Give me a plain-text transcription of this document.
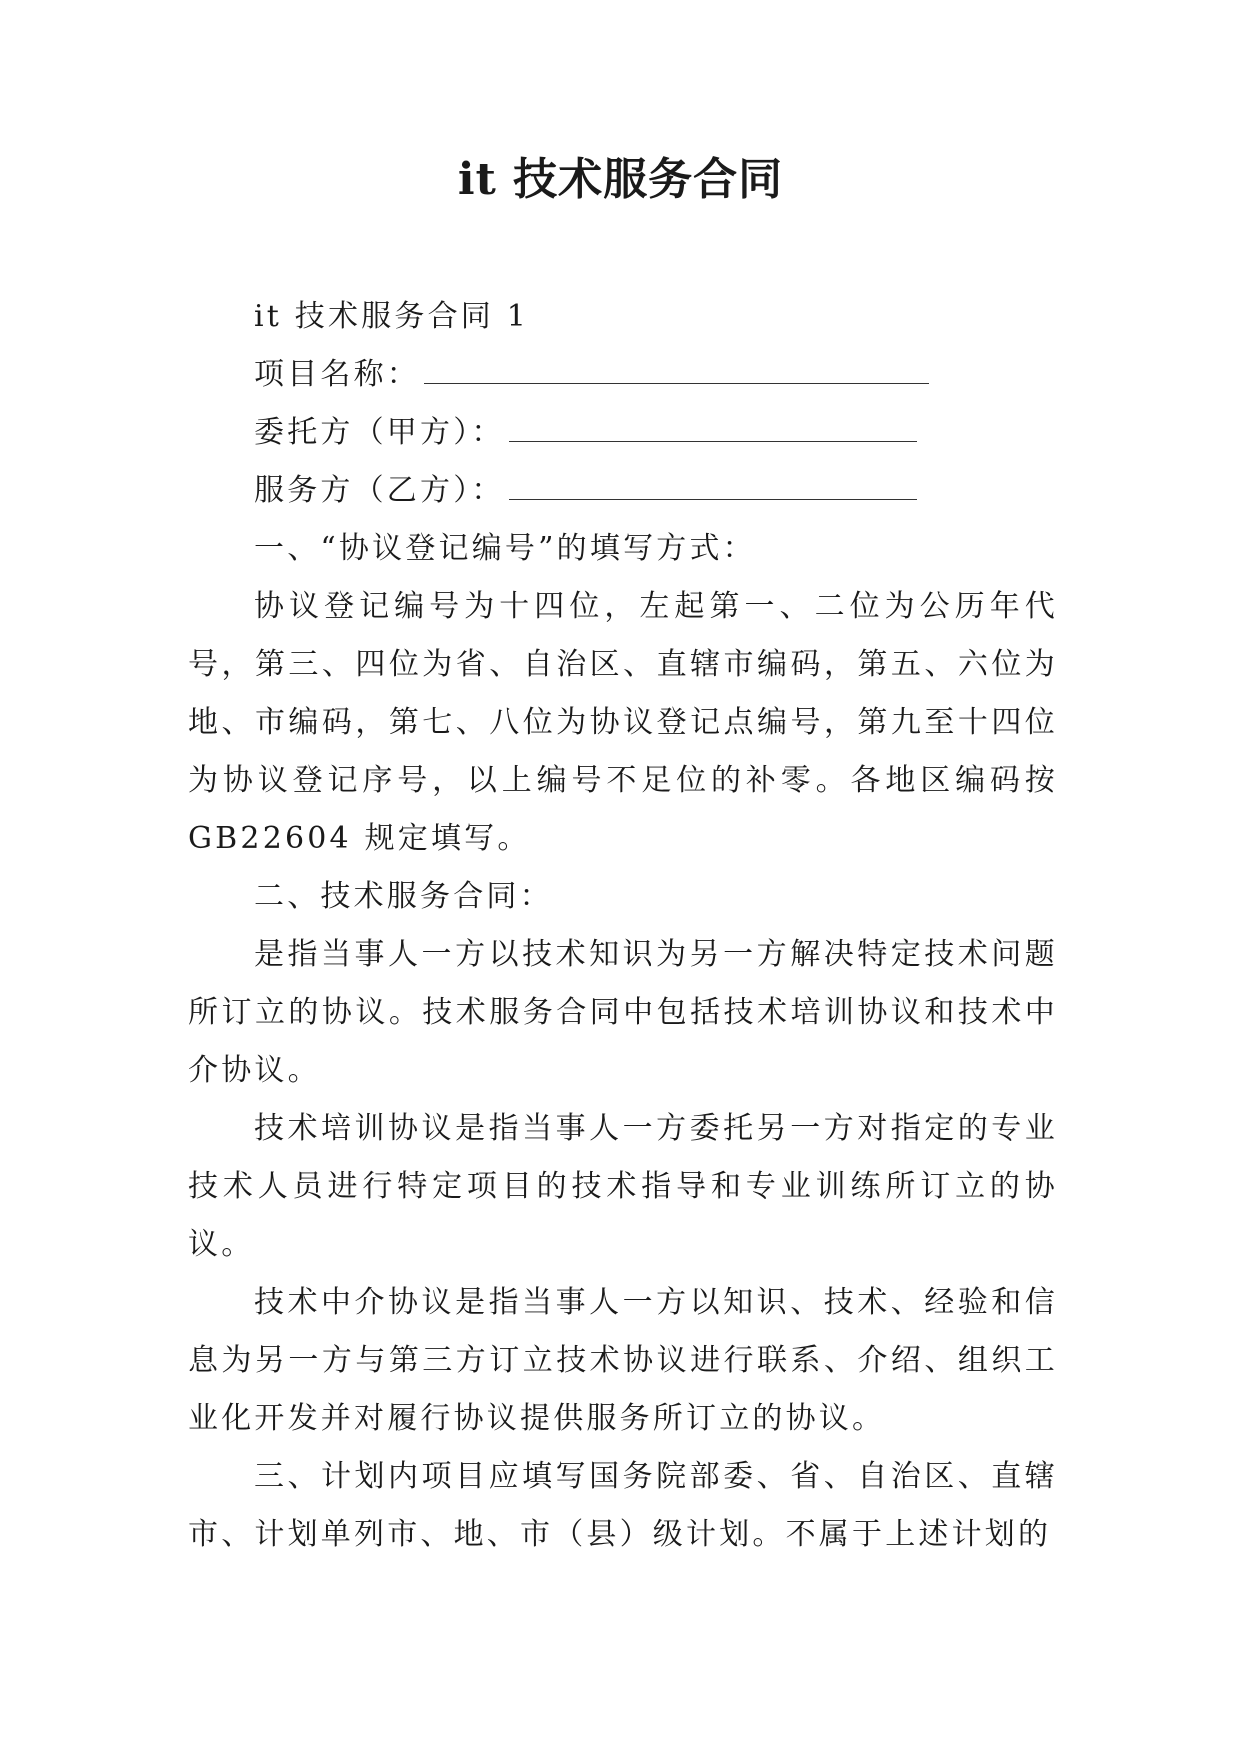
it 技术服务合同

it 技术服务合同 1

项目名称：

委托方（甲方）：

服务方（乙方）：

一、“协议登记编号”的填写方式：

协议登记编号为十四位，左起第一、二位为公历年代号，第三、四位为省、自治区、直辖市编码，第五、六位为地、市编码，第七、八位为协议登记点编号，第九至十四位为协议登记序号，以上编号不足位的补零。各地区编码按 GB22604 规定填写。

二、技术服务合同：

是指当事人一方以技术知识为另一方解决特定技术问题所订立的协议。技术服务合同中包括技术培训协议和技术中介协议。

技术培训协议是指当事人一方委托另一方对指定的专业技术人员进行特定项目的技术指导和专业训练所订立的协议。

技术中介协议是指当事人一方以知识、技术、经验和信息为另一方与第三方订立技术协议进行联系、介绍、组织工业化开发并对履行协议提供服务所订立的协议。

三、计划内项目应填写国务院部委、省、自治区、直辖市、计划单列市、地、市（县）级计划。不属于上述计划的
